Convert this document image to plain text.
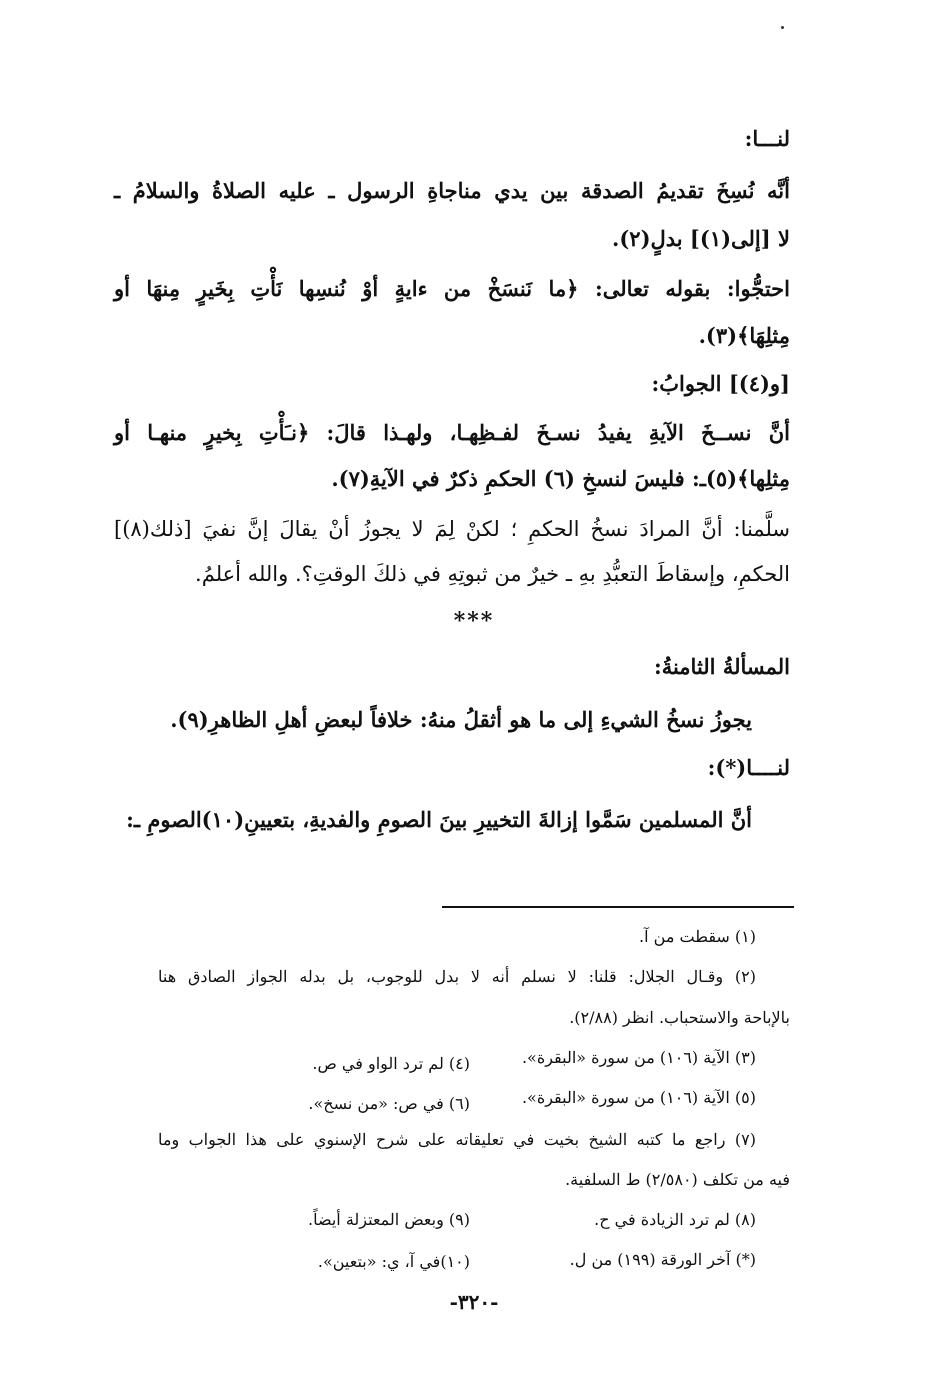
لنـــا:
أنَّه نُسِخَ تقديمُ الصدقة بين يدي مناجاةِ الرسول ـ عليه الصلاةُ والسلامُ ـ
لا [إلى(١)] بدلٍ(٢).
احتجُّوا: بقوله تعالى: ﴿ما نَنسَخْ من ءايةٍ أوْ نُنسِها نَأْتِ بِخَيرٍ مِنهَا أو
مِثلِهَا﴾(٣).
[و(٤)] الجوابُ:
أنَّ نســخَ الآيةِ يفيدُ نسـخَ لفـظِهـا، ولهـذا قالَ: ﴿نـَأْتِ بِخيرٍ منهـا أو
مِثلِها﴾(٥)ـ: فليسَ لنسخِ (٦) الحكمِ ذكرٌ في الآيةِ(٧).
سلَّمنا: أنَّ المرادَ نسخُ الحكمِ ؛ لكنْ لِمَ لا يجوزُ أنْ يقالَ إنَّ نفيَ [ذلك(٨)]
الحكمِ، وإسقاطَ التعبُّدِ بهِ ـ خيرٌ من ثبوتِهِ في ذلكَ الوقتِ؟. والله أعلمُ.
***
المسألةُ الثامنةُ:
يجوزُ نسخُ الشيءِ إلى ما هو أثقلُ منهُ: خلافاً لبعضِ أهلِ الظاهرِ(٩).
لنــــا(*):
أنَّ المسلمين سَمَّوا إزالةَ التخييرِ بينَ الصومِ والفديةِ، بتعيينِ(١٠)الصومِ ـ:
(١) سقطت من آ.
(٢) وقـال الجلال: قلنا: لا نسلم أنه لا بدل للوجوب، بل بدله الجواز الصادق هنا
بالإباحة والاستحباب. انظر (٢/٨٨).
(٣) الآية (١٠٦) من سورة «البقرة».
(٤) لم ترد الواو في ص.
(٥) الآية (١٠٦) من سورة «البقرة».
(٦) في ص: «من نسخ».
(٧) راجع ما كتبه الشيخ بخيت في تعليقاته على شرح الإسنوي على هذا الجواب وما
فيه من تكلف (٢/٥٨٠) ط السلفية.
(٨) لم ترد الزيادة في ح.
(٩) وبعض المعتزلة أيضاً.
(*) آخر الورقة (١٩٩) من ل.
(١٠)في آ، ي: «بتعين».
-٣٢٠-
